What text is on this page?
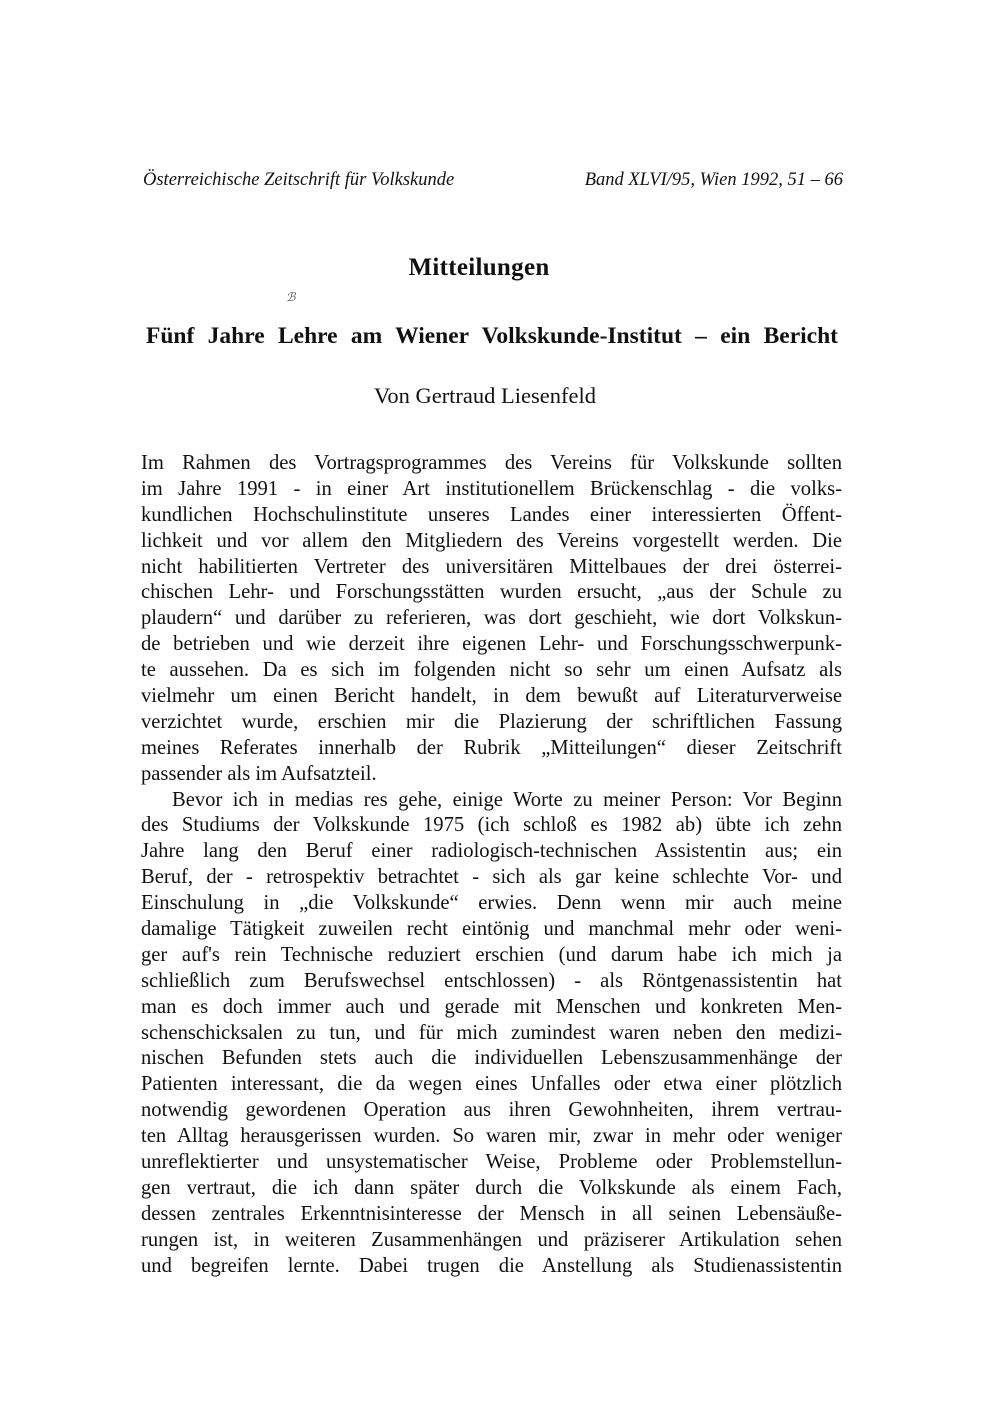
Österreichische Zeitschrift für Volkskunde	Band XLVI/95, Wien 1992, 51 – 66
Mitteilungen
ℬ
Fünf Jahre Lehre am Wiener Volkskunde-Institut – ein Bericht
Von Gertraud Liesenfeld
Im Rahmen des Vortragsprogrammes des Vereins für Volkskunde sollten
im Jahre 1991 - in einer Art institutionellem Brückenschlag - die volks-
kundlichen Hochschulinstitute unseres Landes einer interessierten Öffent-
lichkeit und vor allem den Mitgliedern des Vereins vorgestellt werden. Die
nicht habilitierten Vertreter des universitären Mittelbaues der drei österrei-
chischen Lehr- und Forschungsstätten wurden ersucht, „aus der Schule zu
plaudern“ und darüber zu referieren, was dort geschieht, wie dort Volkskun-
de betrieben und wie derzeit ihre eigenen Lehr- und Forschungsschwerpunk-
te aussehen. Da es sich im folgenden nicht so sehr um einen Aufsatz als
vielmehr um einen Bericht handelt, in dem bewußt auf Literaturverweise
verzichtet wurde, erschien mir die Plazierung der schriftlichen Fassung
meines Referates innerhalb der Rubrik „Mitteilungen“ dieser Zeitschrift
passender als im Aufsatzteil.
Bevor ich in medias res gehe, einige Worte zu meiner Person: Vor Beginn
des Studiums der Volkskunde 1975 (ich schloß es 1982 ab) übte ich zehn
Jahre lang den Beruf einer radiologisch-technischen Assistentin aus; ein
Beruf, der - retrospektiv betrachtet - sich als gar keine schlechte Vor- und
Einschulung in „die Volkskunde“ erwies. Denn wenn mir auch meine
damalige Tätigkeit zuweilen recht eintönig und manchmal mehr oder weni-
ger auf's rein Technische reduziert erschien (und darum habe ich mich ja
schließlich zum Berufswechsel entschlossen) - als Röntgenassistentin hat
man es doch immer auch und gerade mit Menschen und konkreten Men-
schenschicksalen zu tun, und für mich zumindest waren neben den medizi-
nischen Befunden stets auch die individuellen Lebenszusammenhänge der
Patienten interessant, die da wegen eines Unfalles oder etwa einer plötzlich
notwendig gewordenen Operation aus ihren Gewohnheiten, ihrem vertrau-
ten Alltag herausgerissen wurden. So waren mir, zwar in mehr oder weniger
unreflektierter und unsystematischer Weise, Probleme oder Problemstellun-
gen vertraut, die ich dann später durch die Volkskunde als einem Fach,
dessen zentrales Erkenntnisinteresse der Mensch in all seinen Lebensäuße-
rungen ist, in weiteren Zusammenhängen und präziserer Artikulation sehen
und begreifen lernte. Dabei trugen die Anstellung als Studienassistentin
